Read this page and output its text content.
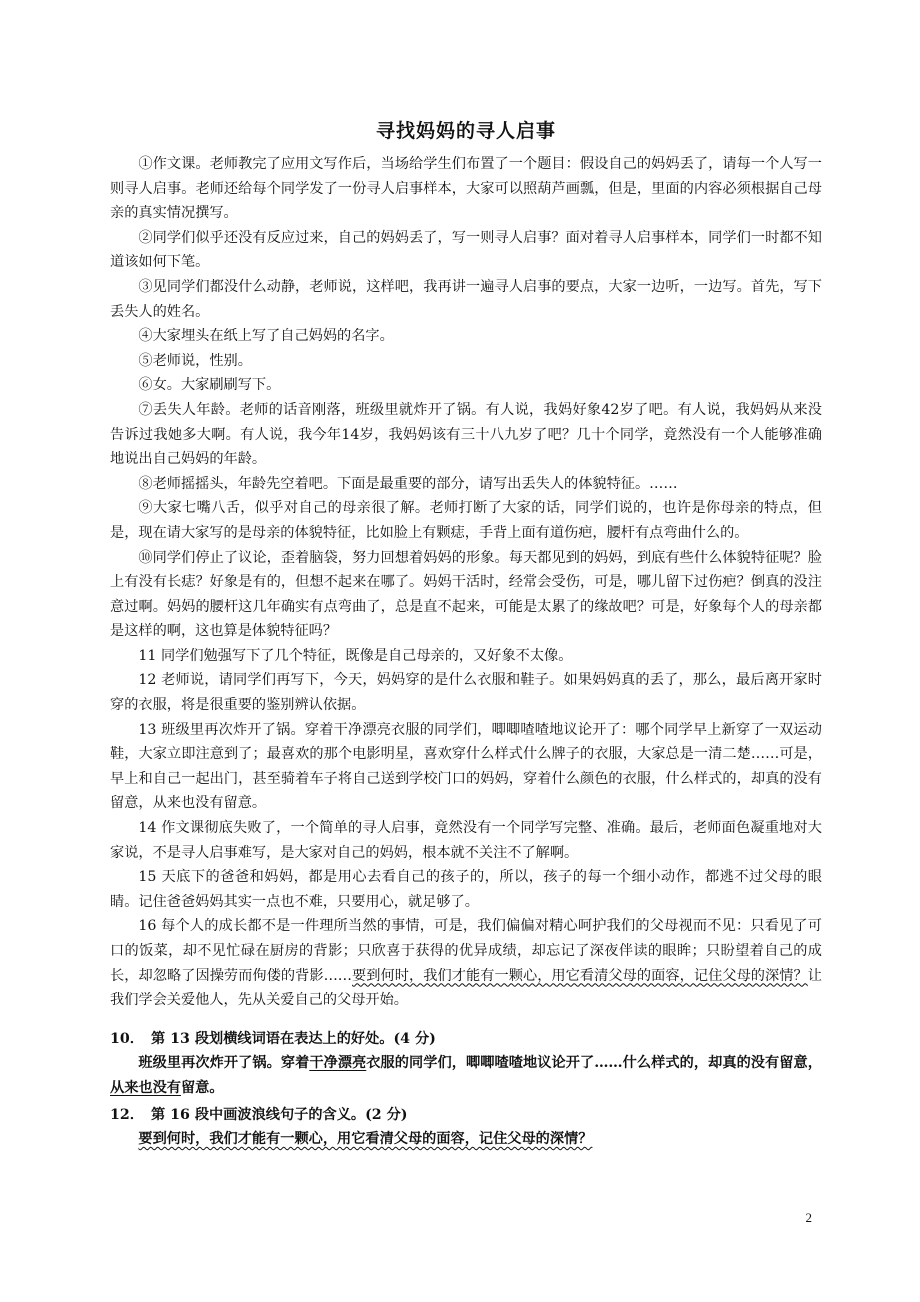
寻找妈妈的寻人启事

①作文课。老师教完了应用文写作后，当场给学生们布置了一个题目：假设自己的妈妈丢了，请每一个人写一则寻人启事。老师还给每个同学发了一份寻人启事样本，大家可以照葫芦画瓢，但是，里面的内容必须根据自己母亲的真实情况撰写。

②同学们似乎还没有反应过来，自己的妈妈丢了，写一则寻人启事？面对着寻人启事样本，同学们一时都不知道该如何下笔。

③见同学们都没什么动静，老师说，这样吧，我再讲一遍寻人启事的要点，大家一边听，一边写。首先，写下丢失人的姓名。

④大家埋头在纸上写了自己妈妈的名字。

⑤老师说，性别。

⑥女。大家刷刷写下。

⑦丢失人年龄。老师的话音刚落，班级里就炸开了锅。有人说，我妈好象42岁了吧。有人说，我妈妈从来没告诉过我她多大啊。有人说，我今年14岁，我妈妈该有三十八九岁了吧？几十个同学，竟然没有一个人能够准确地说出自己妈妈的年龄。

⑧老师摇摇头，年龄先空着吧。下面是最重要的部分，请写出丢失人的体貌特征。……

⑨大家七嘴八舌，似乎对自己的母亲很了解。老师打断了大家的话，同学们说的，也许是你母亲的特点，但是，现在请大家写的是母亲的体貌特征，比如脸上有颗痣，手背上面有道伤疤，腰杆有点弯曲什么的。

⑩同学们停止了议论，歪着脑袋，努力回想着妈妈的形象。每天都见到的妈妈，到底有些什么体貌特征呢？脸上有没有长痣？好象是有的，但想不起来在哪了。妈妈干活时，经常会受伤，可是，哪儿留下过伤疤？倒真的没注意过啊。妈妈的腰杆这几年确实有点弯曲了，总是直不起来，可能是太累了的缘故吧？可是，好象每个人的母亲都是这样的啊，这也算是体貌特征吗？

11 同学们勉强写下了几个特征，既像是自己母亲的，又好象不太像。

12 老师说，请同学们再写下，今天，妈妈穿的是什么衣服和鞋子。如果妈妈真的丢了，那么，最后离开家时穿的衣服，将是很重要的鉴别辨认依据。

13 班级里再次炸开了锅。穿着干净漂亮衣服的同学们，唧唧喳喳地议论开了：哪个同学早上新穿了一双运动鞋，大家立即注意到了；最喜欢的那个电影明星，喜欢穿什么样式什么牌子的衣服，大家总是一清二楚……可是，早上和自己一起出门，甚至骑着车子将自己送到学校门口的妈妈，穿着什么颜色的衣服，什么样式的，却真的没有留意，从来也没有留意。

14 作文课彻底失败了，一个简单的寻人启事，竟然没有一个同学写完整、准确。最后，老师面色凝重地对大家说，不是寻人启事难写，是大家对自己的妈妈，根本就不关注不了解啊。

15 天底下的爸爸和妈妈，都是用心去看自己的孩子的，所以，孩子的每一个细小动作，都逃不过父母的眼睛。记住爸爸妈妈其实一点也不难，只要用心，就足够了。

16 每个人的成长都不是一件理所当然的事情，可是，我们偏偏对精心呵护我们的父母视而不见：只看见了可口的饭菜，却不见忙碌在厨房的背影；只欣喜于获得的优异成绩，却忘记了深夜伴读的眼眸；只盼望着自己的成长，却忽略了因操劳而佝偻的背影……要到何时，我们才能有一颗心，用它看清父母的面容，记住父母的深情？让我们学会关爱他人，先从关爱自己的父母开始。

10．　第 13 段划横线词语在表达上的好处。(4 分)

班级里再次炸开了锅。穿着干净漂亮衣服的同学们，唧唧喳喳地议论开了……什么样式的，却真的没有留意，从来也没有留意。

12．　第 16 段中画波浪线句子的含义。(2 分)

要到何时，我们才能有一颗心，用它看清父母的面容，记住父母的深情？

2
